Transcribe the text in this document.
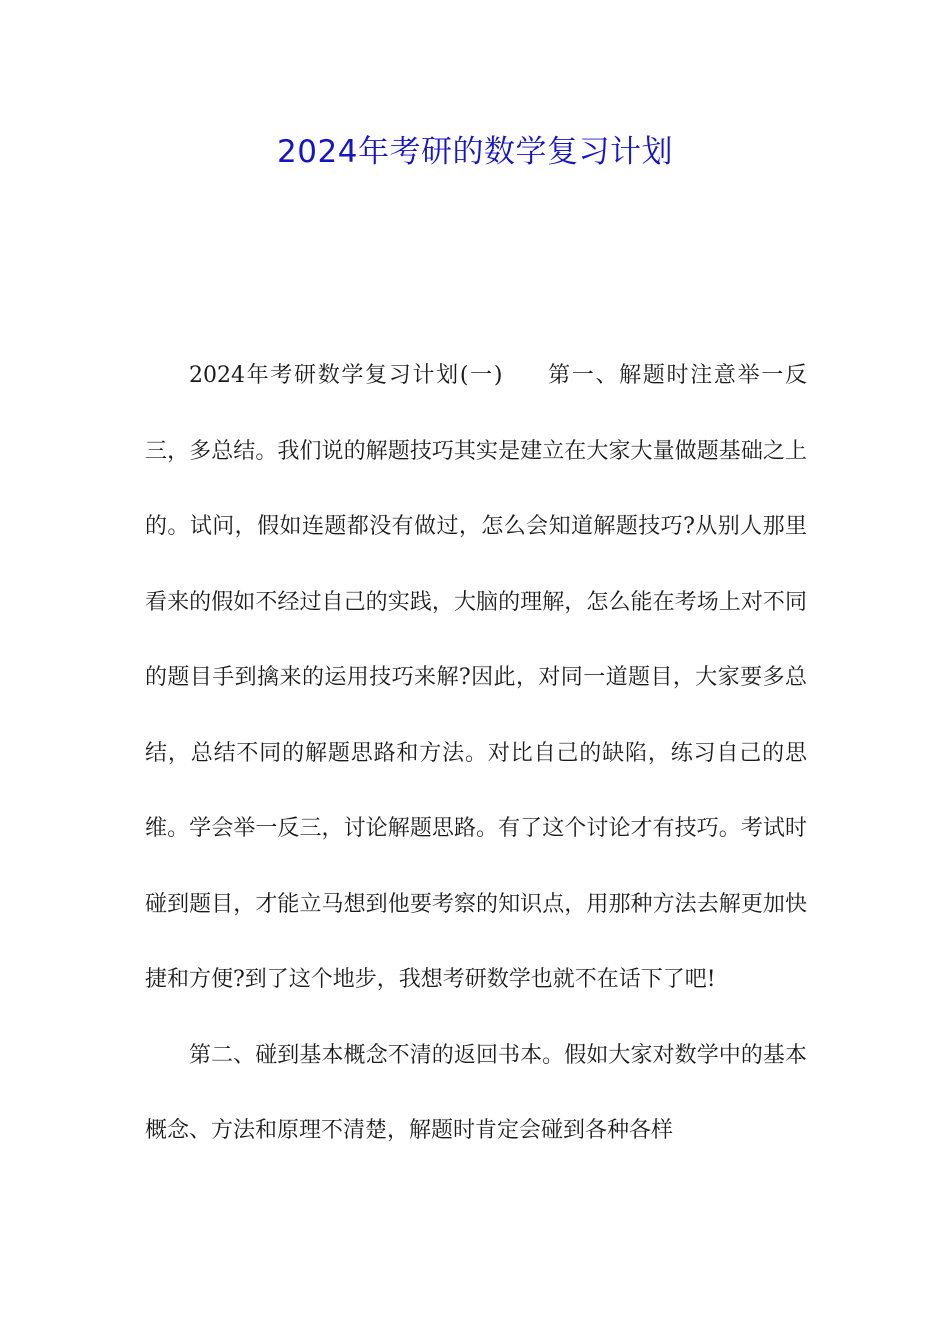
2024年考研的数学复习计划

2024年考研数学复习计划(一) 第一、解题时注意举一反三，多总结。我们说的解题技巧其实是建立在大家大量做题基础之上的。试问，假如连题都没有做过，怎么会知道解题技巧?从别人那里看来的假如不经过自己的实践，大脑的理解，怎么能在考场上对不同的题目手到擒来的运用技巧来解?因此，对同一道题目，大家要多总结，总结不同的解题思路和方法。对比自己的缺陷，练习自己的思维。学会举一反三，讨论解题思路。有了这个讨论才有技巧。考试时碰到题目，才能立马想到他要考察的知识点，用那种方法去解更加快捷和方便?到了这个地步，我想考研数学也就不在话下了吧!

第二、碰到基本概念不清的返回书本。假如大家对数学中的基本概念、方法和原理不清楚，解题时肯定会碰到各种各样
